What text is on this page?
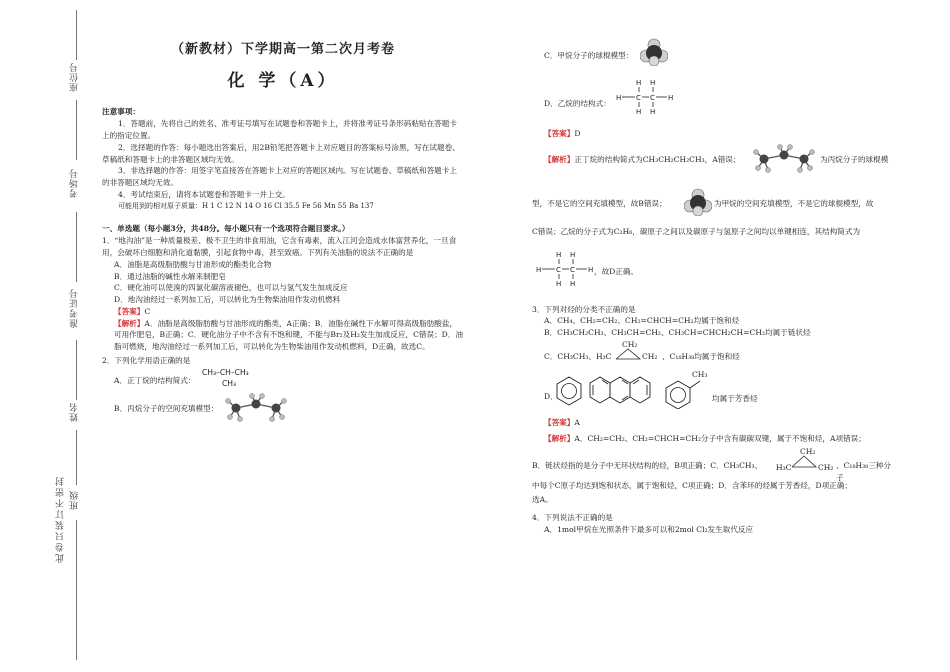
座位号
考场号
准考证号
姓名
班级
此卷只装订不密封
（新教材）下学期高一第二次月考卷
化 学（A）

注意事项：

1．答题前，先将自己的姓名、准考证号填写在试题卷和答题卡上，并将准考证号条形码粘贴在答题卡上的指定位置。

2．选择题的作答：每小题选出答案后，用2B铅笔把答题卡上对应题目的答案标号涂黑，写在试题卷、草稿纸和答题卡上的非答题区域均无效。

3．非选择题的作答：用签字笔直接答在答题卡上对应的答题区域内。写在试题卷、草稿纸和答题卡上的非答题区域均无效。

4．考试结束后，请将本试题卷和答题卡一并上交。

可能用到的相对原子质量：H 1 C 12 N 14 O 16 Cl 35.5 Fe 56 Mn 55 Ba 137

一、单选题（每小题3分，共48分。每小题只有一个选项符合题目要求。）

1．“地沟油”是一种质量极差、极不卫生的非食用油，它含有毒素，流入江河会造成水体富营养化，一旦食用，会破坏白细胞和消化道黏膜，引起食物中毒，甚至致癌。下列有关油脂的说法不正确的是

A．油脂是高级脂肪酸与甘油形成的酯类化合物

B．通过油脂的碱性水解来制肥皂

C．硬化油可以使溴的四氯化碳溶液褪色，也可以与氢气发生加成反应

D．地沟油经过一系列加工后，可以转化为生物柴油用作发动机燃料

【答案】C

【解析】A．油脂是高级脂肪酸与甘油形成的酯类，A正确；B．油脂在碱性下水解可得高级脂肪酸盐，可用作肥皂，B正确；C．硬化油分子中不含有不饱和键，不能与Br₂及H₂发生加成反应，C错误；D．油脂可燃烧，地沟油经过一系列加工后，可以转化为生物柴油用作发动机燃料，D正确，故选C。

2．下列化学用语正确的是

A．正丁烷的结构简式：
CH₃–CH–CH₃
CH₃
B．丙烷分子的空间充填模型：
C．甲烷分子的球棍模型：
D．乙烷的结构式：
H H
H C C H
H H

【答案】D

【解析】正丁烷的结构简式为CH₃CH₂CH₂CH₃，A错误；	为丙烷分子的球棍模
型，不是它的空间充填模型，故B错误；	为甲烷的空间充填模型，不是它的球棍模型，故

C错误；乙烷的分子式为C₂H₆，碳原子之间以及碳原子与氢原子之间均以单键相连，其结构简式为

H H
H C C H
H H
，故D正确。

3．下列对烃的分类不正确的是

A．CH₄、CH₂=CH₂、CH₂=CHCH=CH₂均属于饱和烃

B．CH₃CH₂CH₃、CH₃CH=CH₂、CH₃CH=CHCH₂CH=CH₂均属于链状烃

C．CH₃CH₃、H₃C
CH₂
CH₂ 、C₁₈H₃₈均属于饱和烃
D．
CH₃
均属于芳香烃

【答案】A

【解析】A．CH₂=CH₂、CH₂=CHCH=CH₂分子中含有碳碳双键，属于不饱和烃，A项错误；

B．链状烃指的是分子中无环状结构的烃，B项正确；C．CH₃CH₃、
CH₂
H₃C	CH₂ 、C₁₈H₃₈三种分子

中每个C原子均达到饱和状态，属于饱和烃，C项正确；D．含苯环的烃属于芳香烃，D项正确；

选A。

4．下列说法不正确的是

A．1mol甲烷在光照条件下最多可以和2mol Cl₂发生取代反应
